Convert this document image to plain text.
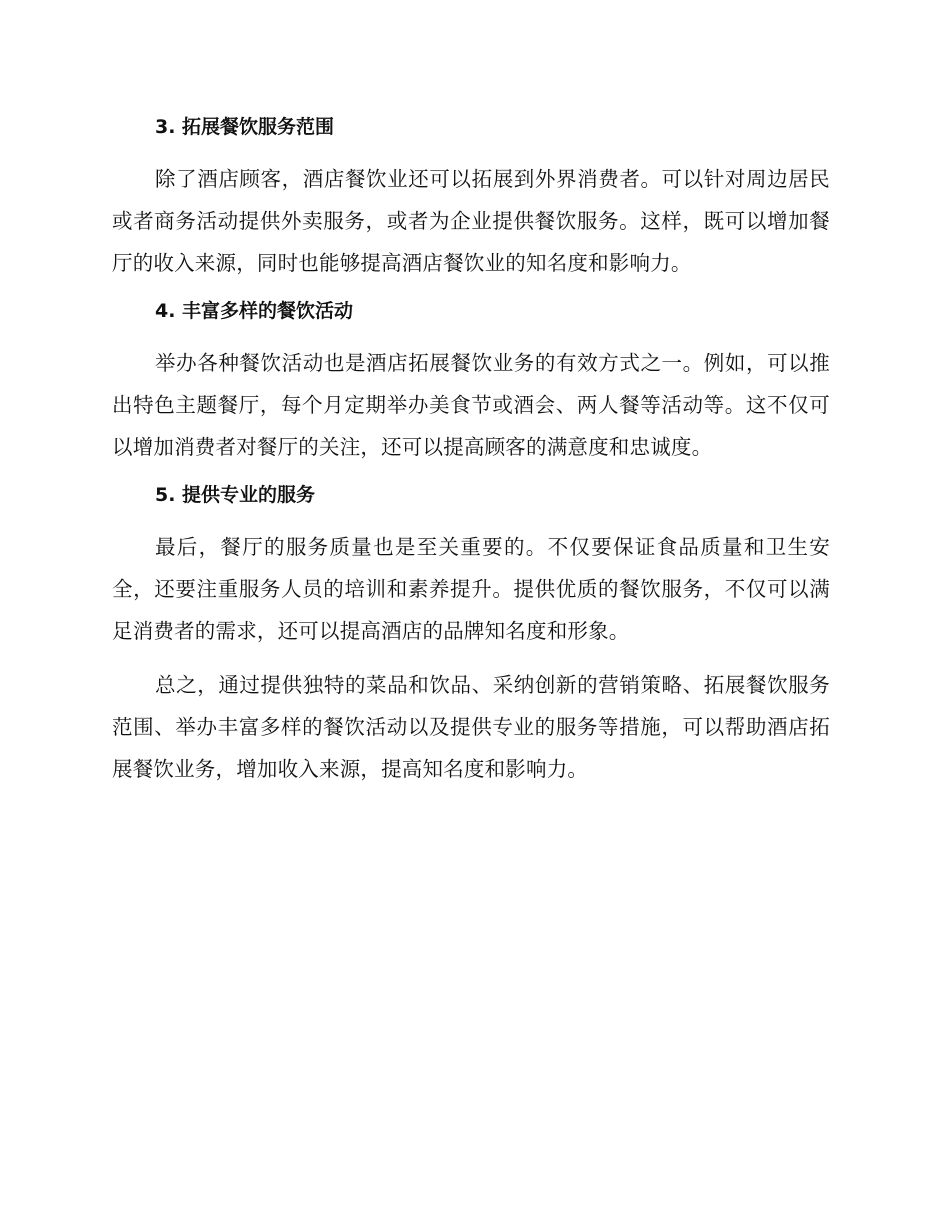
3. 拓展餐饮服务范围

除了酒店顾客，酒店餐饮业还可以拓展到外界消费者。可以针对周边居民或者商务活动提供外卖服务，或者为企业提供餐饮服务。这样，既可以增加餐厅的收入来源，同时也能够提高酒店餐饮业的知名度和影响力。

4. 丰富多样的餐饮活动

举办各种餐饮活动也是酒店拓展餐饮业务的有效方式之一。例如，可以推出特色主题餐厅，每个月定期举办美食节或酒会、两人餐等活动等。这不仅可以增加消费者对餐厅的关注，还可以提高顾客的满意度和忠诚度。

5. 提供专业的服务

最后，餐厅的服务质量也是至关重要的。不仅要保证食品质量和卫生安全，还要注重服务人员的培训和素养提升。提供优质的餐饮服务，不仅可以满足消费者的需求，还可以提高酒店的品牌知名度和形象。

总之，通过提供独特的菜品和饮品、采纳创新的营销策略、拓展餐饮服务范围、举办丰富多样的餐饮活动以及提供专业的服务等措施，可以帮助酒店拓展餐饮业务，增加收入来源，提高知名度和影响力。
